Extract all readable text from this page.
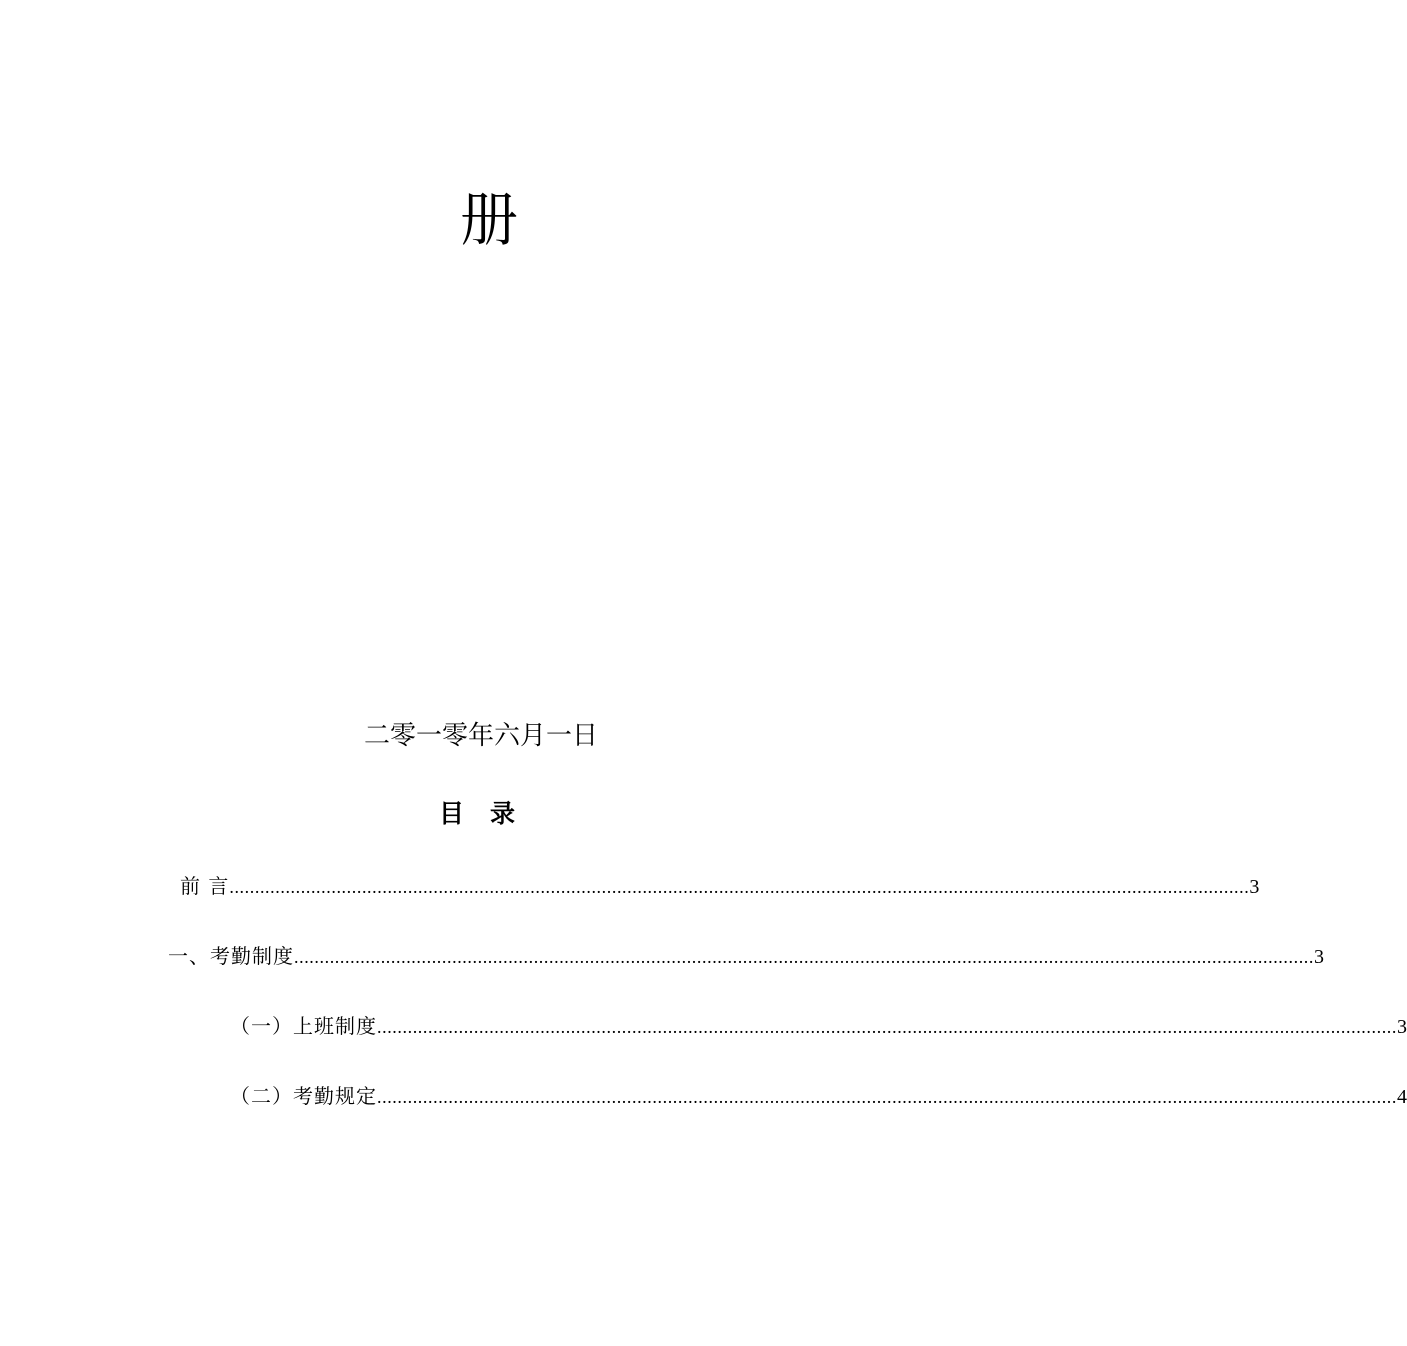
册
二零一零年六月一日
目 录
前 言 ........................................................................................................................................................................................................ 3
一、考勤制度 ........................................................................................................................................................................................................ 3
（一）上班制度 ........................................................................................................................................................................................................ 3
（二）考勤规定 ........................................................................................................................................................................................................ 4
